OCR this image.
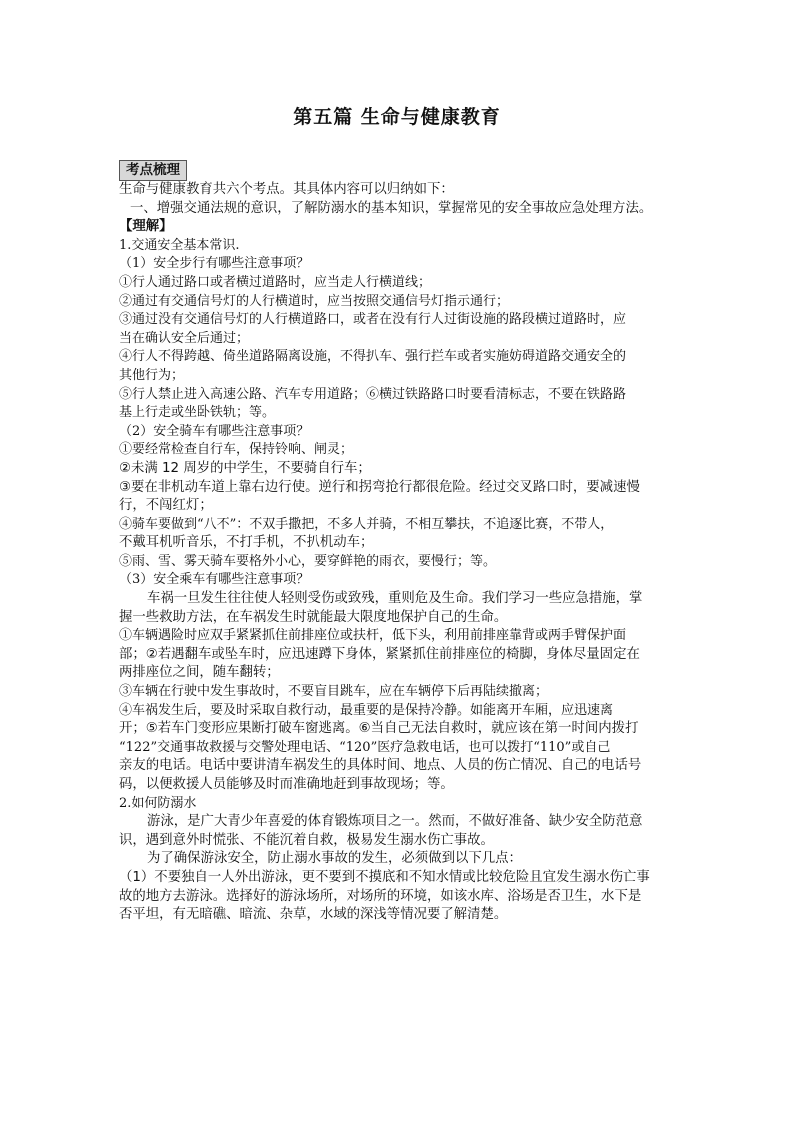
第五篇 生命与健康教育
考点梳理
生命与健康教育共六个考点。其具体内容可以归纳如下：
一、增强交通法规的意识，了解防溺水的基本知识，掌握常见的安全事故应急处理方法。
【理解】
1.交通安全基本常识.
（1）安全步行有哪些注意事项？
①行人通过路口或者横过道路时，应当走人行横道线；
②通过有交通信号灯的人行横道时，应当按照交通信号灯指示通行；
③通过没有交通信号灯的人行横道路口，或者在没有行人过街设施的路段横过道路时，应
当在确认安全后通过；
④行人不得跨越、倚坐道路隔离设施，不得扒车、强行拦车或者实施妨碍道路交通安全的
其他行为；
⑤行人禁止进入高速公路、汽车专用道路；⑥横过铁路路口时要看清标志，不要在铁路路
基上行走或坐卧铁轨；等。
（2）安全骑车有哪些注意事项？
①要经常检查自行车，保持铃响、闸灵；
②未满 12 周岁的中学生，不要骑自行车；
③要在非机动车道上靠右边行使。逆行和拐弯抢行都很危险。经过交叉路口时，要减速慢
行，不闯红灯；
④骑车要做到“八不”：不双手撒把，不多人并骑，不相互攀扶，不追逐比赛，不带人，
不戴耳机听音乐，不打手机，不扒机动车；
⑤雨、雪、雾天骑车要格外小心，要穿鲜艳的雨衣，要慢行；等。
（3）安全乘车有哪些注意事项？
车祸一旦发生往往使人轻则受伤或致残，重则危及生命。我们学习一些应急措施，掌
握一些救助方法，在车祸发生时就能最大限度地保护自己的生命。
①车辆遇险时应双手紧紧抓住前排座位或扶杆，低下头，利用前排座靠背或两手臂保护面
部；②若遇翻车或坠车时，应迅速蹲下身体，紧紧抓住前排座位的椅脚，身体尽量固定在
两排座位之间，随车翻转；
③车辆在行驶中发生事故时，不要盲目跳车，应在车辆停下后再陆续撤离；
④车祸发生后，要及时采取自救行动，最重要的是保持冷静。如能离开车厢，应迅速离
开；⑤若车门变形应果断打破车窗逃离。⑥当自己无法自救时，就应该在第一时间内拨打
“122”交通事故救援与交警处理电话、“120”医疗急救电话，也可以拨打“110”或自己
亲友的电话。电话中要讲清车祸发生的具体时间、地点、人员的伤亡情况、自己的电话号
码，以便救援人员能够及时而准确地赶到事故现场；等。
2.如何防溺水
游泳，是广大青少年喜爱的体育锻炼项目之一。然而，不做好准备、缺少安全防范意
识，遇到意外时慌张、不能沉着自救，极易发生溺水伤亡事故。
为了确保游泳安全，防止溺水事故的发生，必须做到以下几点：
（1）不要独自一人外出游泳，更不要到不摸底和不知水情或比较危险且宜发生溺水伤亡事
故的地方去游泳。选择好的游泳场所，对场所的环境，如该水库、浴场是否卫生，水下是
否平坦，有无暗礁、暗流、杂草，水域的深浅等情况要了解清楚。
